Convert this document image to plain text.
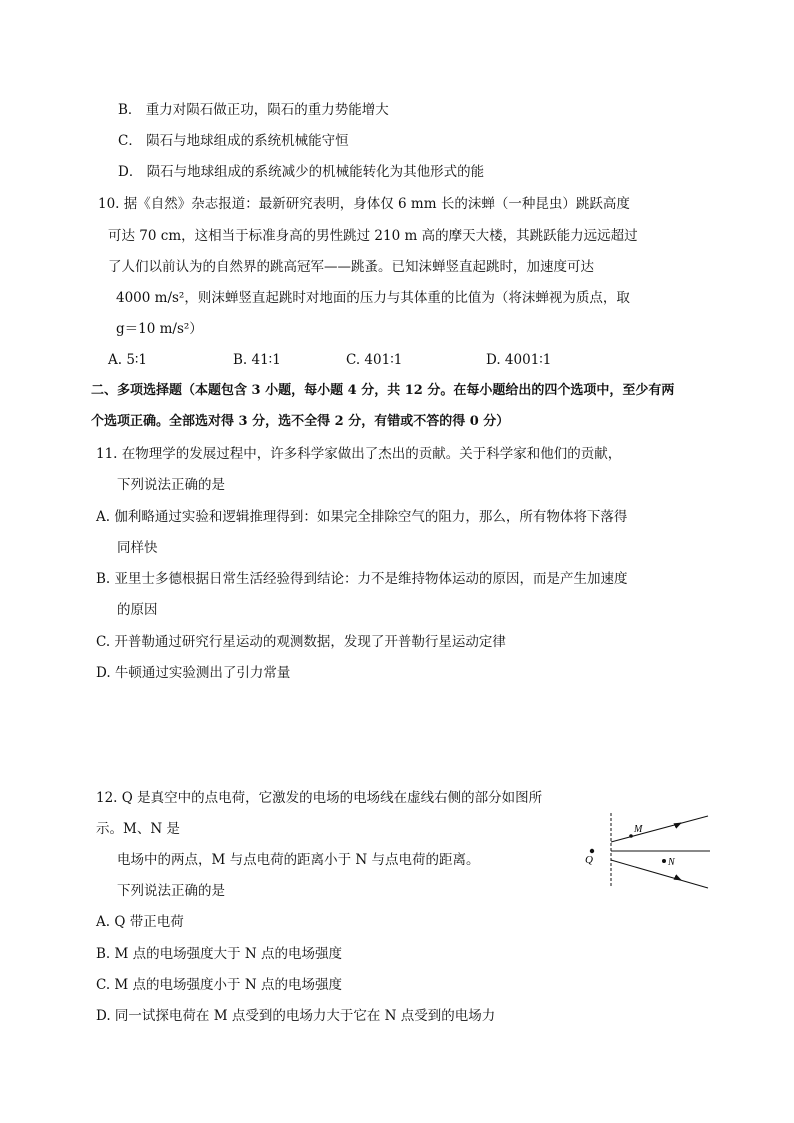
B． 重力对陨石做正功，陨石的重力势能增大
C． 陨石与地球组成的系统机械能守恒
D． 陨石与地球组成的系统减少的机械能转化为其他形式的能
10. 据《自然》杂志报道：最新研究表明，身体仅 6 mm 长的沫蝉（一种昆虫）跳跃高度
可达 70 cm，这相当于标准身高的男性跳过 210 m 高的摩天大楼，其跳跃能力远远超过
了人们以前认为的自然界的跳高冠军——跳蚤。已知沫蝉竖直起跳时，加速度可达
4000 m/s²，则沫蝉竖直起跳时对地面的压力与其体重的比值为（将沫蝉视为质点，取
g＝10 m/s²）
A. 5∶1	B. 41∶1	C. 401∶1	D. 4001∶1
二、多项选择题（本题包含 3 小题，每小题 4 分，共 12 分。在每小题给出的四个选项中，至少有两
个选项正确。全部选对得 3 分，选不全得 2 分，有错或不答的得 0 分）
11. 在物理学的发展过程中，许多科学家做出了杰出的贡献。关于科学家和他们的贡献，
下列说法正确的是
A. 伽利略通过实验和逻辑推理得到：如果完全排除空气的阻力，那么，所有物体将下落得
同样快
B. 亚里士多德根据日常生活经验得到结论：力不是维持物体运动的原因，而是产生加速度
的原因
C. 开普勒通过研究行星运动的观测数据，发现了开普勒行星运动定律
D. 牛顿通过实验测出了引力常量
12. Q 是真空中的点电荷，它激发的电场的电场线在虚线右侧的部分如图所
示。M、N 是
电场中的两点，M 与点电荷的距离小于 N 与点电荷的距离。
下列说法正确的是
A. Q 带正电荷
B. M 点的电场强度大于 N 点的电场强度
C. M 点的电场强度小于 N 点的电场强度
D. 同一试探电荷在 M 点受到的电场力大于它在 N 点受到的电场力
Q
M
N
